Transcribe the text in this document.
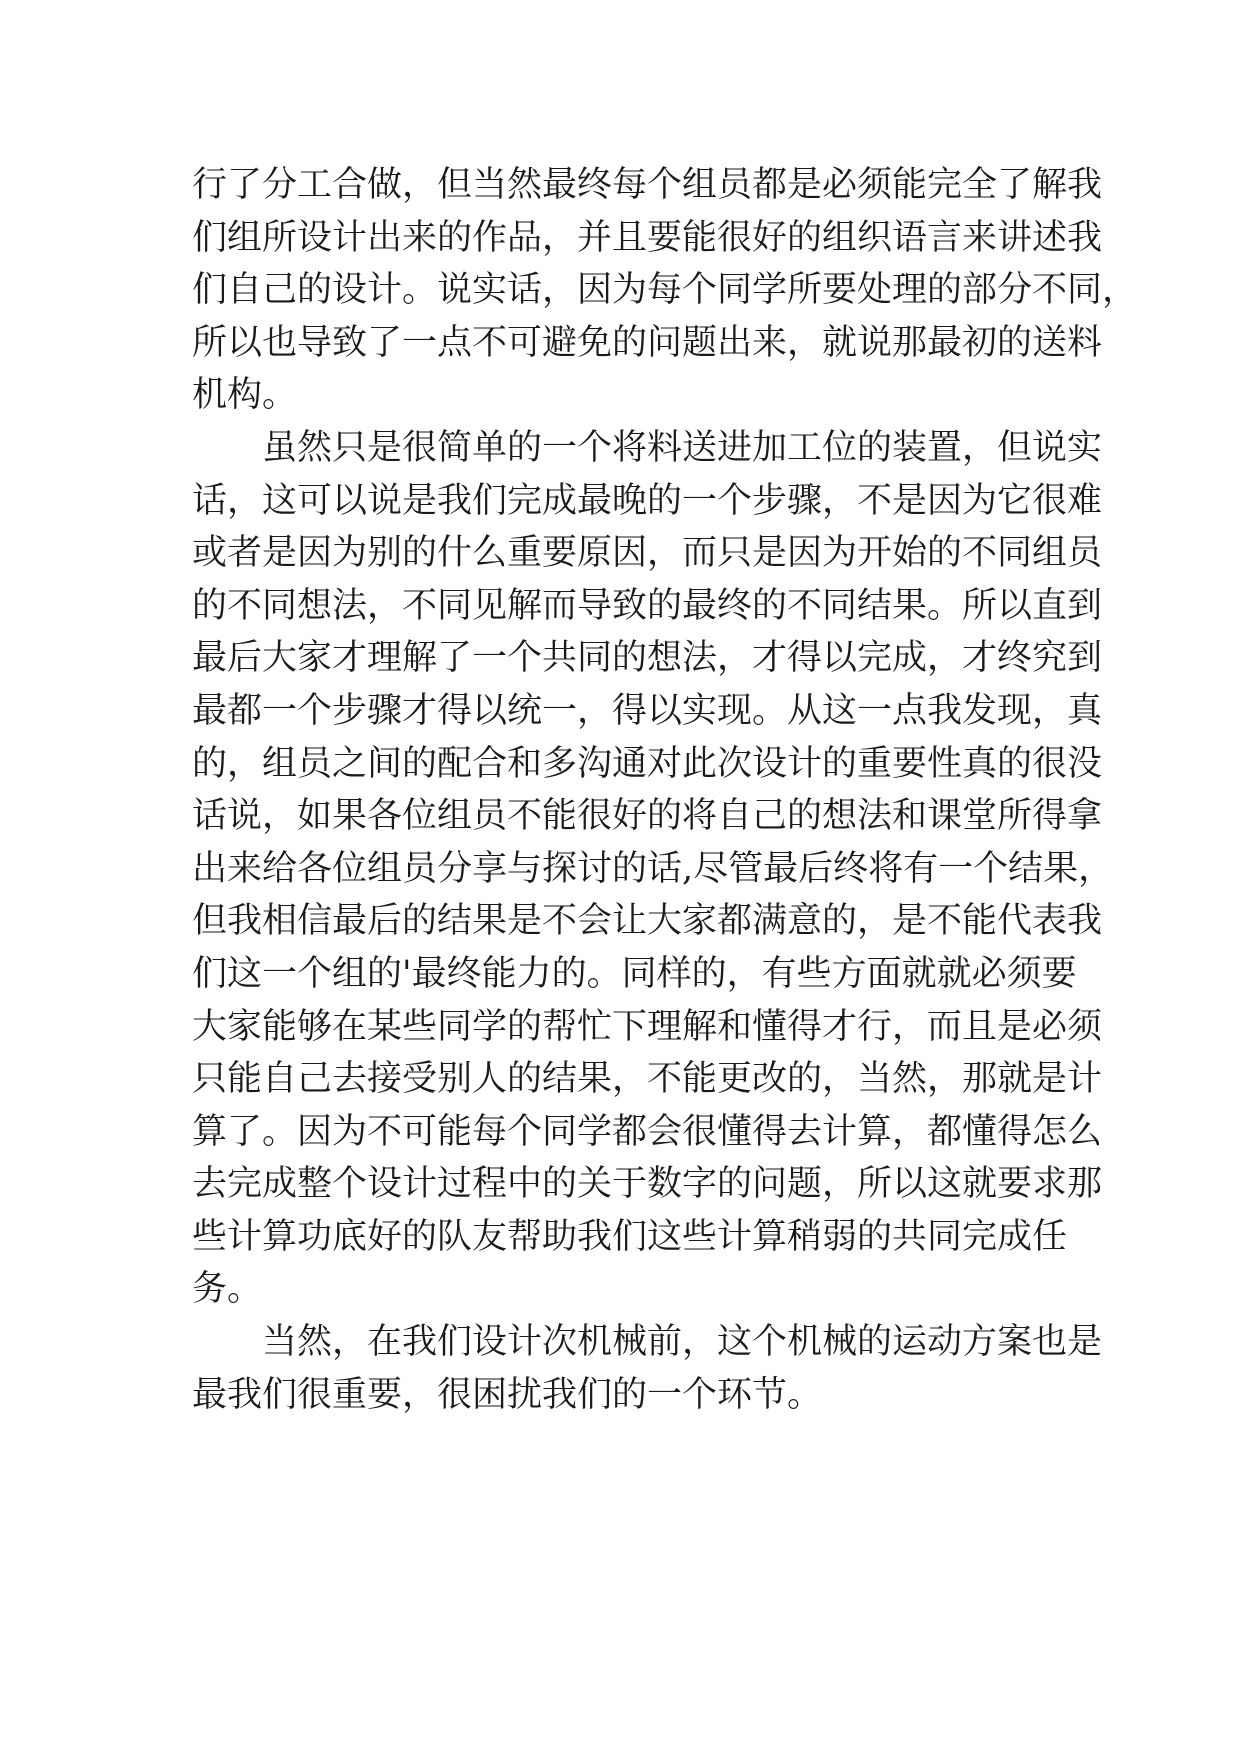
行了分工合做，但当然最终每个组员都是必须能完全了解我
们组所设计出来的作品，并且要能很好的组织语言来讲述我
们自己的设计。说实话，因为每个同学所要处理的部分不同，
所以也导致了一点不可避免的问题出来，就说那最初的送料
机构。
虽然只是很简单的一个将料送进加工位的装置，但说实
话，这可以说是我们完成最晚的一个步骤，不是因为它很难
或者是因为别的什么重要原因，而只是因为开始的不同组员
的不同想法，不同见解而导致的最终的不同结果。所以直到
最后大家才理解了一个共同的想法，才得以完成，才终究到
最都一个步骤才得以统一，得以实现。从这一点我发现，真
的，组员之间的配合和多沟通对此次设计的重要性真的很没
话说，如果各位组员不能很好的将自己的想法和课堂所得拿
出来给各位组员分享与探讨的话,尽管最后终将有一个结果，
但我相信最后的结果是不会让大家都满意的，是不能代表我
们这一个组的'最终能力的。同样的，有些方面就就必须要
大家能够在某些同学的帮忙下理解和懂得才行，而且是必须
只能自己去接受别人的结果，不能更改的，当然，那就是计
算了。因为不可能每个同学都会很懂得去计算，都懂得怎么
去完成整个设计过程中的关于数字的问题，所以这就要求那
些计算功底好的队友帮助我们这些计算稍弱的共同完成任
务。
当然，在我们设计次机械前，这个机械的运动方案也是
最我们很重要，很困扰我们的一个环节。
